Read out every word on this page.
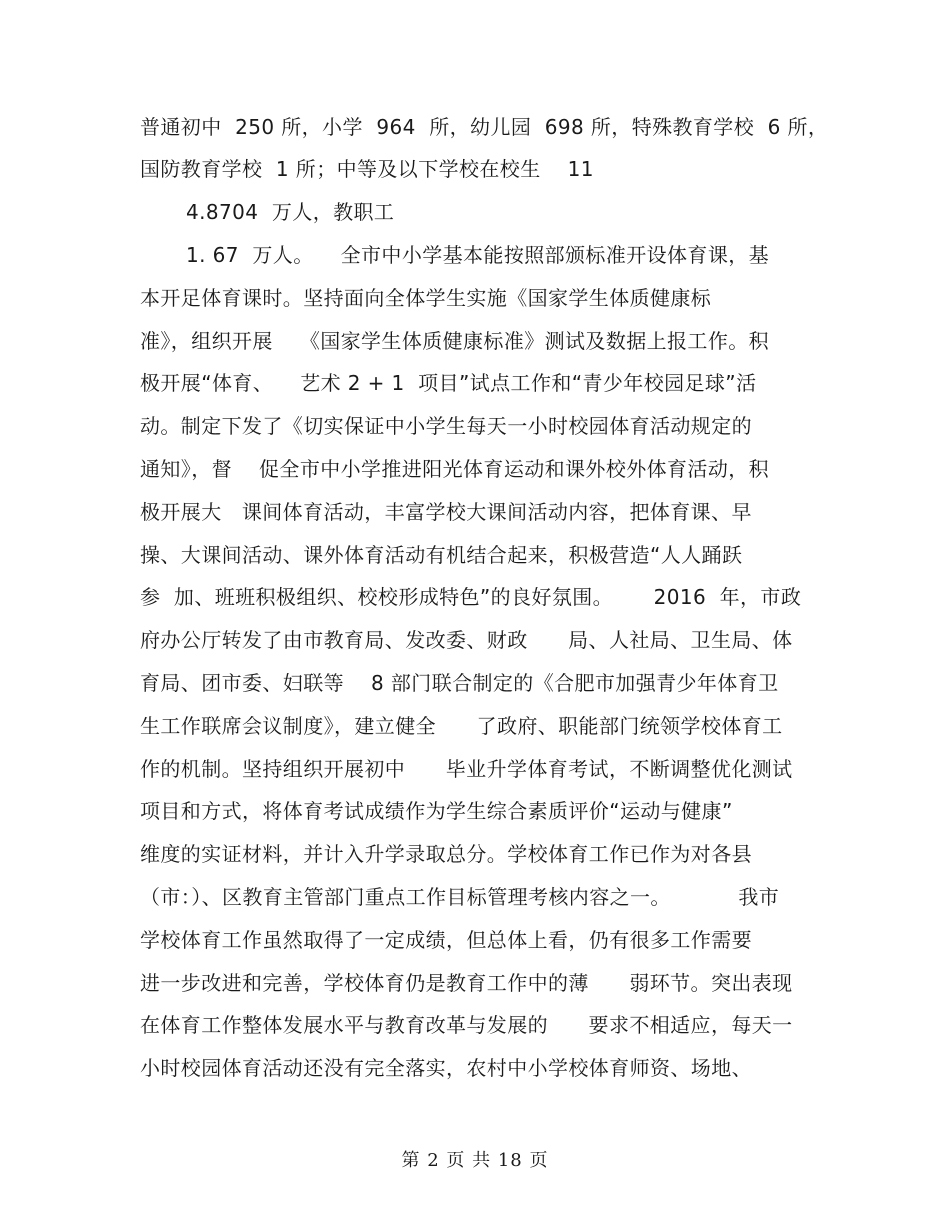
普通初中  250 所，小学  964  所，幼儿园  698 所，特殊教育学校  6 所，
国防教育学校  1 所；中等及以下学校在校生    11
4.8704  万人，教职工
1. 67  万人。    全市中小学基本能按照部颁标准开设体育课，基
本开足体育课时。坚持面向全体学生实施《国家学生体质健康标
准》，组织开展    《国家学生体质健康标准》测试及数据上报工作。积
极开展“体育、    艺术 2 + 1  项目”试点工作和“青少年校园足球”活
动。制定下发了《切实保证中小学生每天一小时校园体育活动规定的
通知》，督    促全市中小学推进阳光体育运动和课外校外体育活动，积
极开展大   课间体育活动，丰富学校大课间活动内容，把体育课、早
操、大课间活动、课外体育活动有机结合起来，积极营造“人人踊跃
参  加、班班积极组织、校校形成特色”的良好氛围。      2016  年，市政
府办公厅转发了由市教育局、发改委、财政      局、人社局、卫生局、体
育局、团市委、妇联等    8 部门联合制定的《合肥市加强青少年体育卫
生工作联席会议制度》，建立健全      了政府、职能部门统领学校体育工
作的机制。坚持组织开展初中      毕业升学体育考试，不断调整优化测试
项目和方式，将体育考试成绩作为学生综合素质评价“运动与健康”
维度的实证材料，并计入升学录取总分。学校体育工作已作为对各县
（市：）、区教育主管部门重点工作目标管理考核内容之一。          我市
学校体育工作虽然取得了一定成绩，但总体上看，仍有很多工作需要
进一步改进和完善，学校体育仍是教育工作中的薄      弱环节。突出表现
在体育工作整体发展水平与教育改革与发展的      要求不相适应，每天一
小时校园体育活动还没有完全落实，农村中小学校体育师资、场地、
第 2 页 共 18 页
